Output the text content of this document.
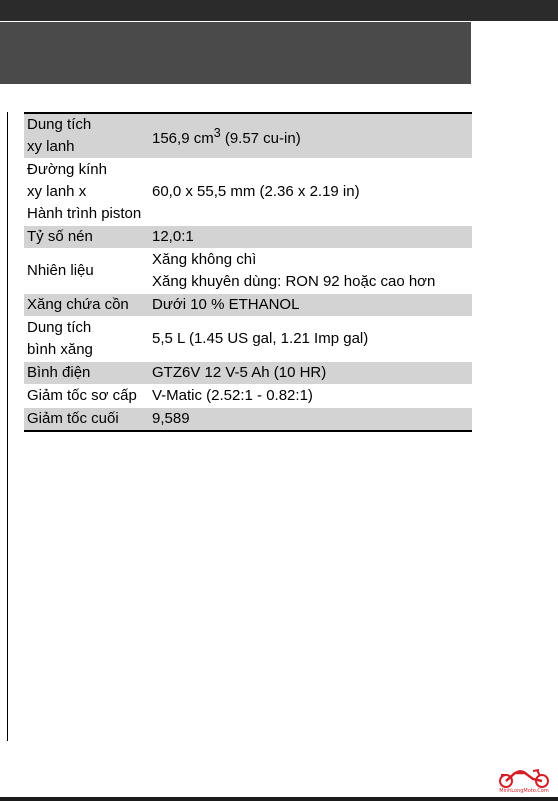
Dung tích
xy lanh	156,9 $cm^3$ (9.57 cu-in)
Đường kính
xy lanh x
Hành trình piston	60,0 x 55,5 mm (2.36 x 2.19 in)
Tỷ số nén	12,0:1
Nhiên liệu	Xăng không chì
Xăng khuyên dùng: RON 92 hoặc cao hơn
Xăng chứa cồn	Dưới 10 % ETHANOL
Dung tích
bình xăng	5,5 L (1.45 US gal, 1.21 Imp gal)
Bình điện	GTZ6V 12 V-5 Ah (10 HR)
Giảm tốc sơ cấp	V-Matic (2.52:1 - 0.82:1)
Giảm tốc cuối	9,589
MinhLongMoto.Com
